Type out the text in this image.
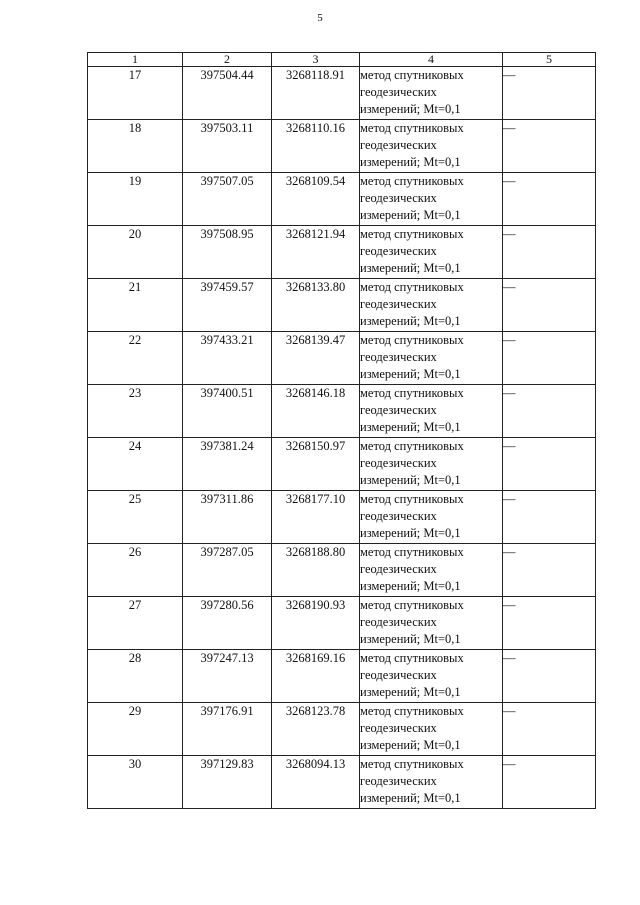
5
1	2	3	4	5
17	397504.44	3268118.91	метод спутниковых
геодезических
измерений; Mt=0,1	—
18	397503.11	3268110.16	метод спутниковых
геодезических
измерений; Mt=0,1	—
19	397507.05	3268109.54	метод спутниковых
геодезических
измерений; Mt=0,1	—
20	397508.95	3268121.94	метод спутниковых
геодезических
измерений; Mt=0,1	—
21	397459.57	3268133.80	метод спутниковых
геодезических
измерений; Mt=0,1	—
22	397433.21	3268139.47	метод спутниковых
геодезических
измерений; Mt=0,1	—
23	397400.51	3268146.18	метод спутниковых
геодезических
измерений; Mt=0,1	—
24	397381.24	3268150.97	метод спутниковых
геодезических
измерений; Mt=0,1	—
25	397311.86	3268177.10	метод спутниковых
геодезических
измерений; Mt=0,1	—
26	397287.05	3268188.80	метод спутниковых
геодезических
измерений; Mt=0,1	—
27	397280.56	3268190.93	метод спутниковых
геодезических
измерений; Mt=0,1	—
28	397247.13	3268169.16	метод спутниковых
геодезических
измерений; Mt=0,1	—
29	397176.91	3268123.78	метод спутниковых
геодезических
измерений; Mt=0,1	—
30	397129.83	3268094.13	метод спутниковых
геодезических
измерений; Mt=0,1	—
